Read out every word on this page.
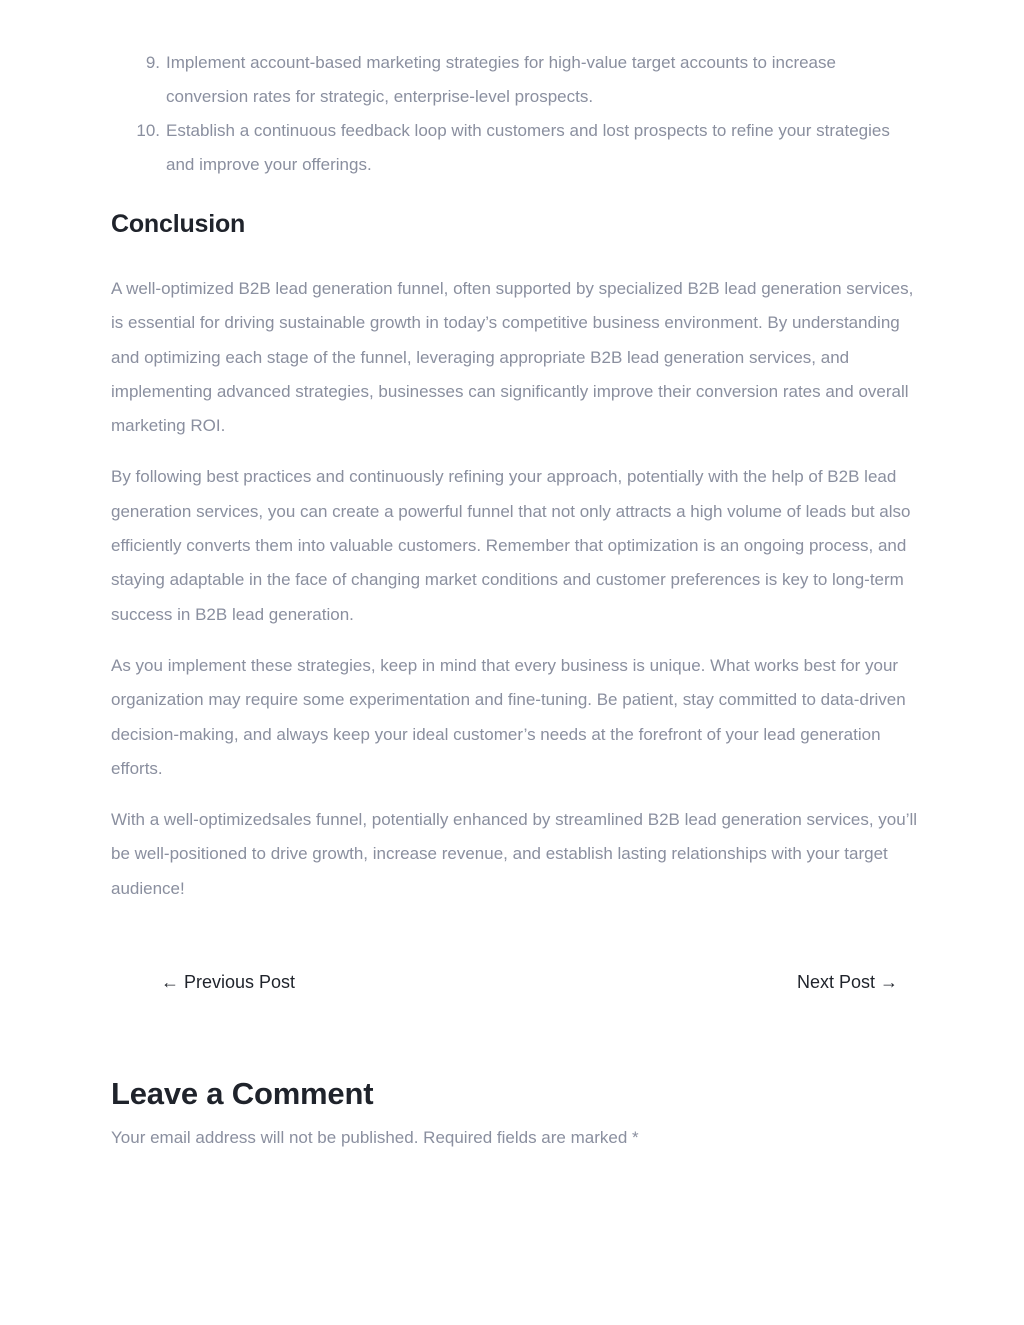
9. Implement account-based marketing strategies for high-value target accounts to increase conversion rates for strategic, enterprise-level prospects.
10. Establish a continuous feedback loop with customers and lost prospects to refine your strategies and improve your offerings.
Conclusion

A well-optimized B2B lead generation funnel, often supported by specialized B2B lead generation services, is essential for driving sustainable growth in today’s competitive business environment. By understanding and optimizing each stage of the funnel, leveraging appropriate B2B lead generation services, and implementing advanced strategies, businesses can significantly improve their conversion rates and overall marketing ROI.

By following best practices and continuously refining your approach, potentially with the help of B2B lead generation services, you can create a powerful funnel that not only attracts a high volume of leads but also efficiently converts them into valuable customers. Remember that optimization is an ongoing process, and staying adaptable in the face of changing market conditions and customer preferences is key to long-term success in B2B lead generation.

As you implement these strategies, keep in mind that every business is unique. What works best for your organization may require some experimentation and fine-tuning. Be patient, stay committed to data-driven decision-making, and always keep your ideal customer’s needs at the forefront of your lead generation efforts.

With a well-optimizedsales funnel, potentially enhanced by streamlined B2B lead generation services, you’ll be well-positioned to drive growth, increase revenue, and establish lasting relationships with your target audience!

← Previous Post	Next Post →
Leave a Comment

Your email address will not be published. Required fields are marked *
